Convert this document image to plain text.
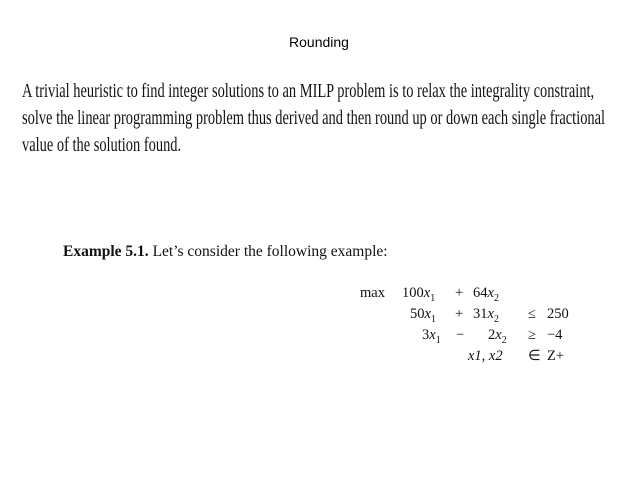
Rounding
A trivial heuristic to find integer solutions to an MILP problem is to relax the integrality constraint, solve the linear programming problem thus derived and then round up or down each single fractional value of the solution found.
Example 5.1. Let’s consider the following example:
$\max 100x_1 + 64x_2$
$50x_1 + 31x_2 \le 250$
$3x_1 - 2x_2 \ge -4$
x1, x2 ∈ Z+
